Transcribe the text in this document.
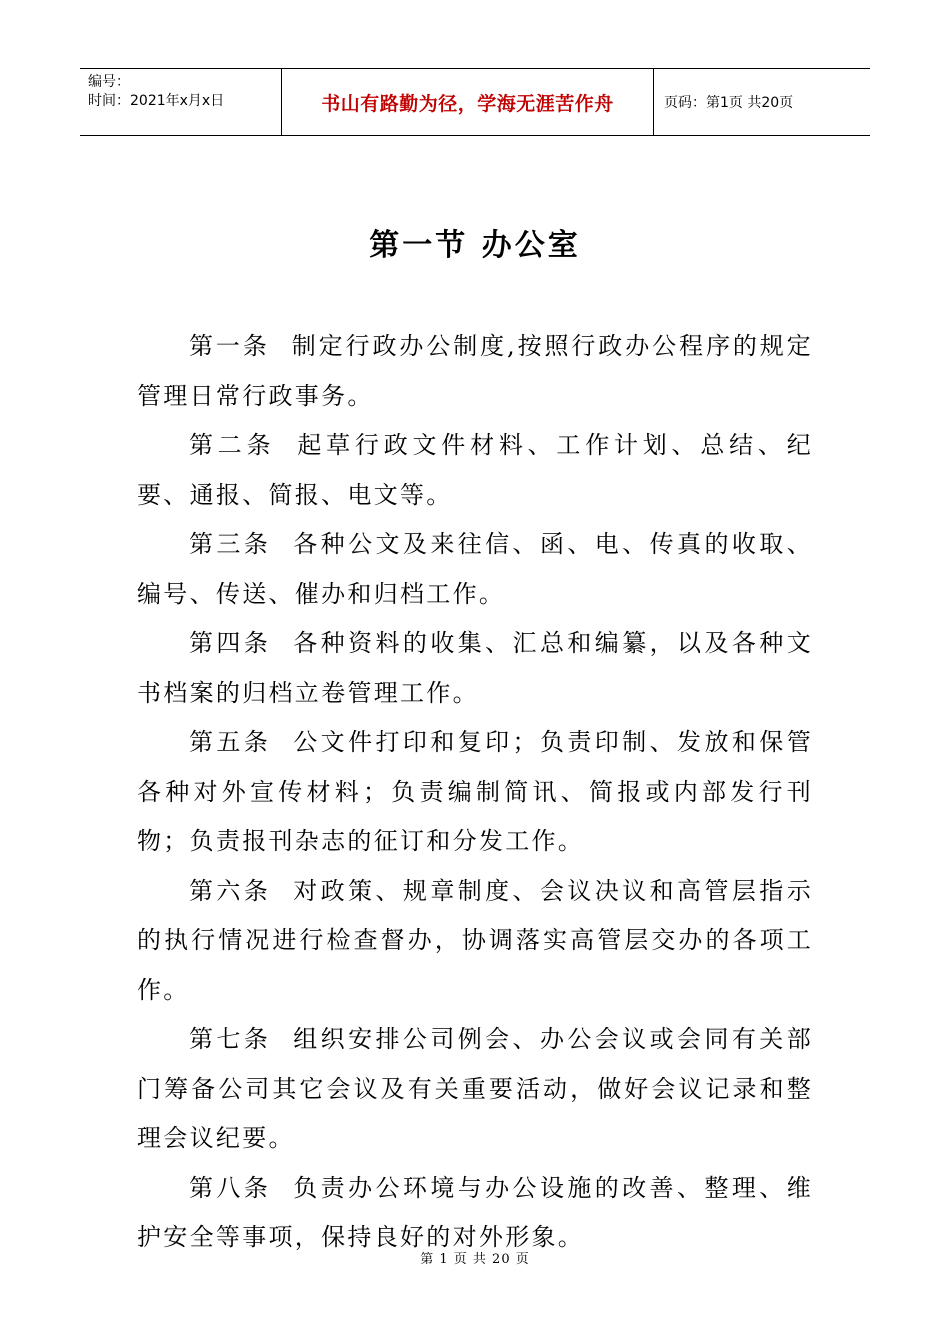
编号：
时间：2021年x月x日	书山有路勤为径，学海无涯苦作舟	页码：第1页 共20页
第一节 办公室

第一条 制定行政办公制度,按照行政办公程序的规定管理日常行政事务。

第二条 起草行政文件材料、工作计划、总结、纪要、通报、简报、电文等。

第三条 各种公文及来往信、函、电、传真的收取、编号、传送、催办和归档工作。

第四条 各种资料的收集、汇总和编纂，以及各种文书档案的归档立卷管理工作。

第五条 公文件打印和复印；负责印制、发放和保管各种对外宣传材料；负责编制简讯、简报或内部发行刊物；负责报刊杂志的征订和分发工作。

第六条 对政策、规章制度、会议决议和高管层指示的执行情况进行检查督办，协调落实高管层交办的各项工作。

第七条 组织安排公司例会、办公会议或会同有关部门筹备公司其它会议及有关重要活动，做好会议记录和整理会议纪要。

第八条 负责办公环境与办公设施的改善、整理、维护安全等事项，保持良好的对外形象。

第 1 页 共 20 页
